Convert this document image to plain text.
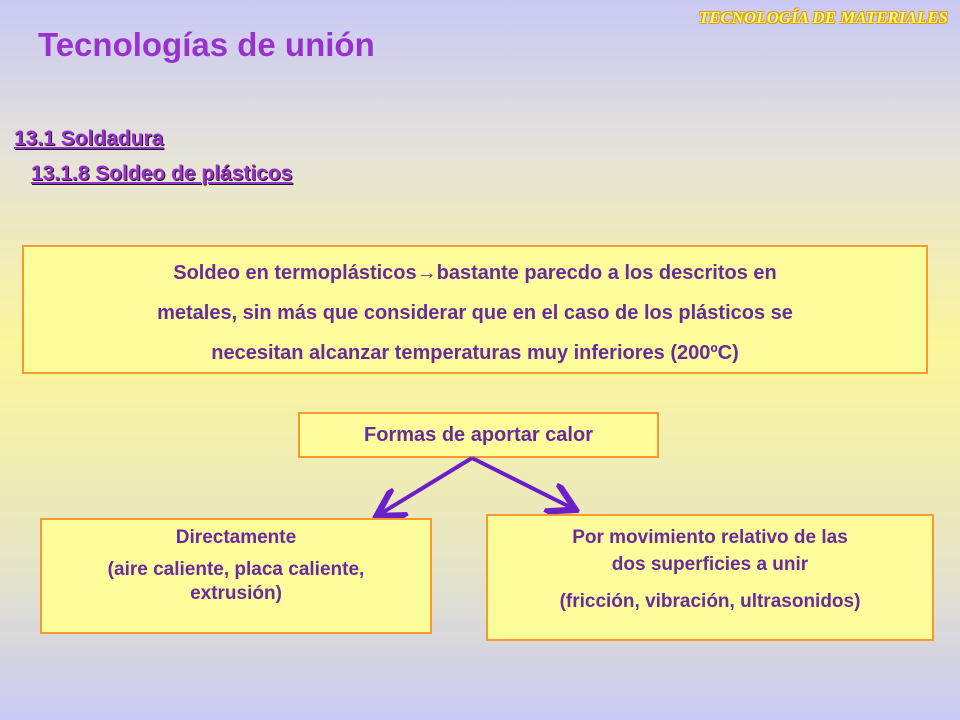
TECNOLOGÍA DE MATERIALES
Tecnologías de unión
13.1 Soldadura
13.1.8 Soldeo de plásticos
Soldeo en termoplásticos→bastante parecdo a los descritos en
metales, sin más que considerar que en el caso de los plásticos se
necesitan alcanzar temperaturas muy inferiores (200ºC)
Formas de aportar calor
Directamente
(aire caliente, placa caliente,
extrusión)
Por movimiento relativo de las
dos superficies a unir
(fricción, vibración, ultrasonidos)
